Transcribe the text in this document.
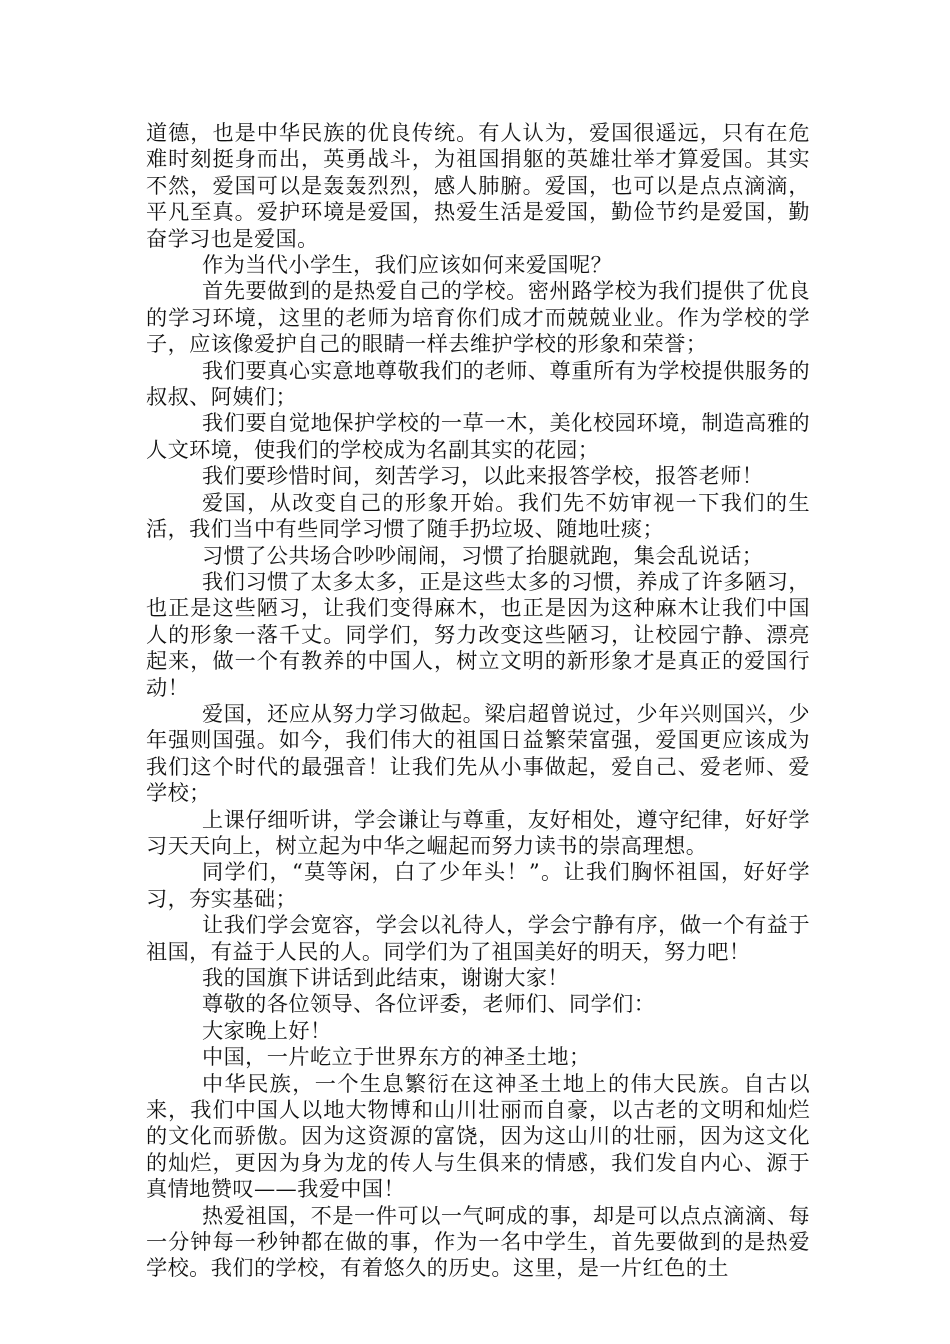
道德，也是中华民族的优良传统。有人认为，爱国很遥远，只有在危难时刻挺身而出，英勇战斗，为祖国捐躯的英雄壮举才算爱国。其实不然，爱国可以是轰轰烈烈，感人肺腑。爱国，也可以是点点滴滴，平凡至真。爱护环境是爱国，热爱生活是爱国，勤俭节约是爱国，勤奋学习也是爱国。

作为当代小学生，我们应该如何来爱国呢？

首先要做到的是热爱自己的学校。密州路学校为我们提供了优良的学习环境，这里的老师为培育你们成才而兢兢业业。作为学校的学子，应该像爱护自己的眼睛一样去维护学校的形象和荣誉；

我们要真心实意地尊敬我们的老师、尊重所有为学校提供服务的叔叔、阿姨们；

我们要自觉地保护学校的一草一木，美化校园环境，制造高雅的人文环境，使我们的学校成为名副其实的花园；

我们要珍惜时间，刻苦学习，以此来报答学校，报答老师！

爱国，从改变自己的形象开始。我们先不妨审视一下我们的生活，我们当中有些同学习惯了随手扔垃圾、随地吐痰；

习惯了公共场合吵吵闹闹，习惯了抬腿就跑，集会乱说话；

我们习惯了太多太多，正是这些太多的习惯，养成了许多陋习，也正是这些陋习，让我们变得麻木，也正是因为这种麻木让我们中国人的形象一落千丈。同学们，努力改变这些陋习，让校园宁静、漂亮起来，做一个有教养的中国人，树立文明的新形象才是真正的爱国行动！

爱国，还应从努力学习做起。梁启超曾说过，少年兴则国兴，少年强则国强。如今，我们伟大的祖国日益繁荣富强，爱国更应该成为我们这个时代的最强音！让我们先从小事做起，爱自己、爱老师、爱学校；

上课仔细听讲，学会谦让与尊重，友好相处，遵守纪律，好好学习天天向上，树立起为中华之崛起而努力读书的崇高理想。

同学们，“莫等闲，白了少年头！”。让我们胸怀祖国，好好学习，夯实基础；

让我们学会宽容，学会以礼待人，学会宁静有序，做一个有益于祖国，有益于人民的人。同学们为了祖国美好的明天，努力吧！

我的国旗下讲话到此结束，谢谢大家！

尊敬的各位领导、各位评委，老师们、同学们：

大家晚上好！

中国，一片屹立于世界东方的神圣土地；

中华民族，一个生息繁衍在这神圣土地上的伟大民族。自古以来，我们中国人以地大物博和山川壮丽而自豪，以古老的文明和灿烂的文化而骄傲。因为这资源的富饶，因为这山川的壮丽，因为这文化的灿烂，更因为身为龙的传人与生俱来的情感，我们发自内心、源于真情地赞叹——我爱中国！

热爱祖国，不是一件可以一气呵成的事，却是可以点点滴滴、每一分钟每一秒钟都在做的事，作为一名中学生，首先要做到的是热爱学校。我们的学校，有着悠久的历史。这里，是一片红色的土
